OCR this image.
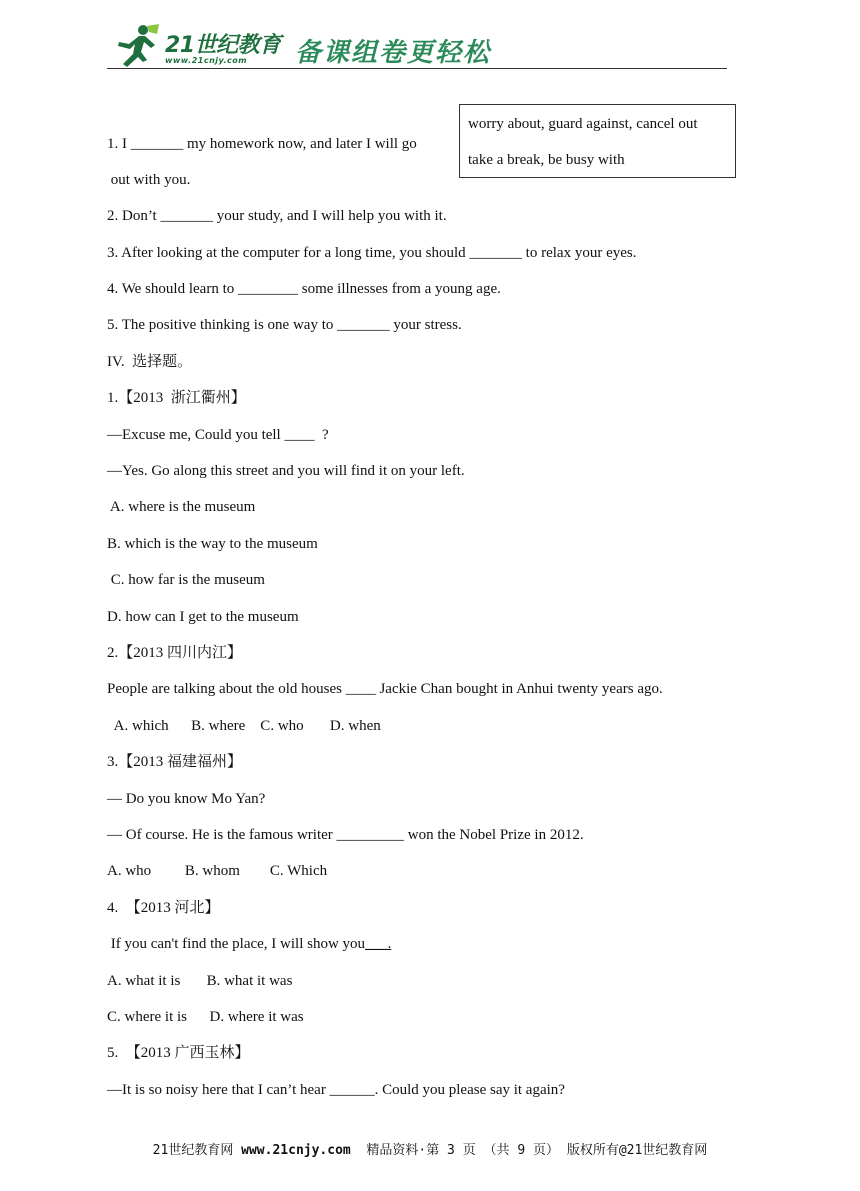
21世纪教育
www.21cnjy.com 备课组卷更轻松
worry about, guard against, cancel out
take a break, be busy with
1. I _______ my homework now, and later I will go
out with you.
2. Don’t _______ your study, and I will help you with it.
3. After looking at the computer for a long time, you should _______ to relax your eyes.
4. We should learn to ________ some illnesses from a young age.
5. The positive thinking is one way to _______ your stress.
IV.  选择题。
1.【2013  浙江衢州】
—Excuse me, Could you tell ____  ?
—Yes. Go along this street and you will find it on your left.
A. where is the museum
B. which is the way to the museum
C. how far is the museum
D. how can I get to the museum
2.【2013 四川内江】
People are talking about the old houses ____ Jackie Chan bought in Anhui twenty years ago.
A. which      B. where    C. who       D. when
3.【2013 福建福州】
— Do you know Mo Yan?
— Of course. He is the famous writer _________ won the Nobel Prize in 2012.
A. who         B. whom        C. Which
4.  【2013 河北】
If you can't find the place, I will show you___.
A. what it is       B. what it was
C. where it is      D. where it was
5.  【2013 广西玉林】
—It is so noisy here that I can’t hear ______. Could you please say it again?
21世纪教育网 www.21cnjy.com  精品资料·第 3 页 （共 9 页） 版权所有@21世纪教育网
